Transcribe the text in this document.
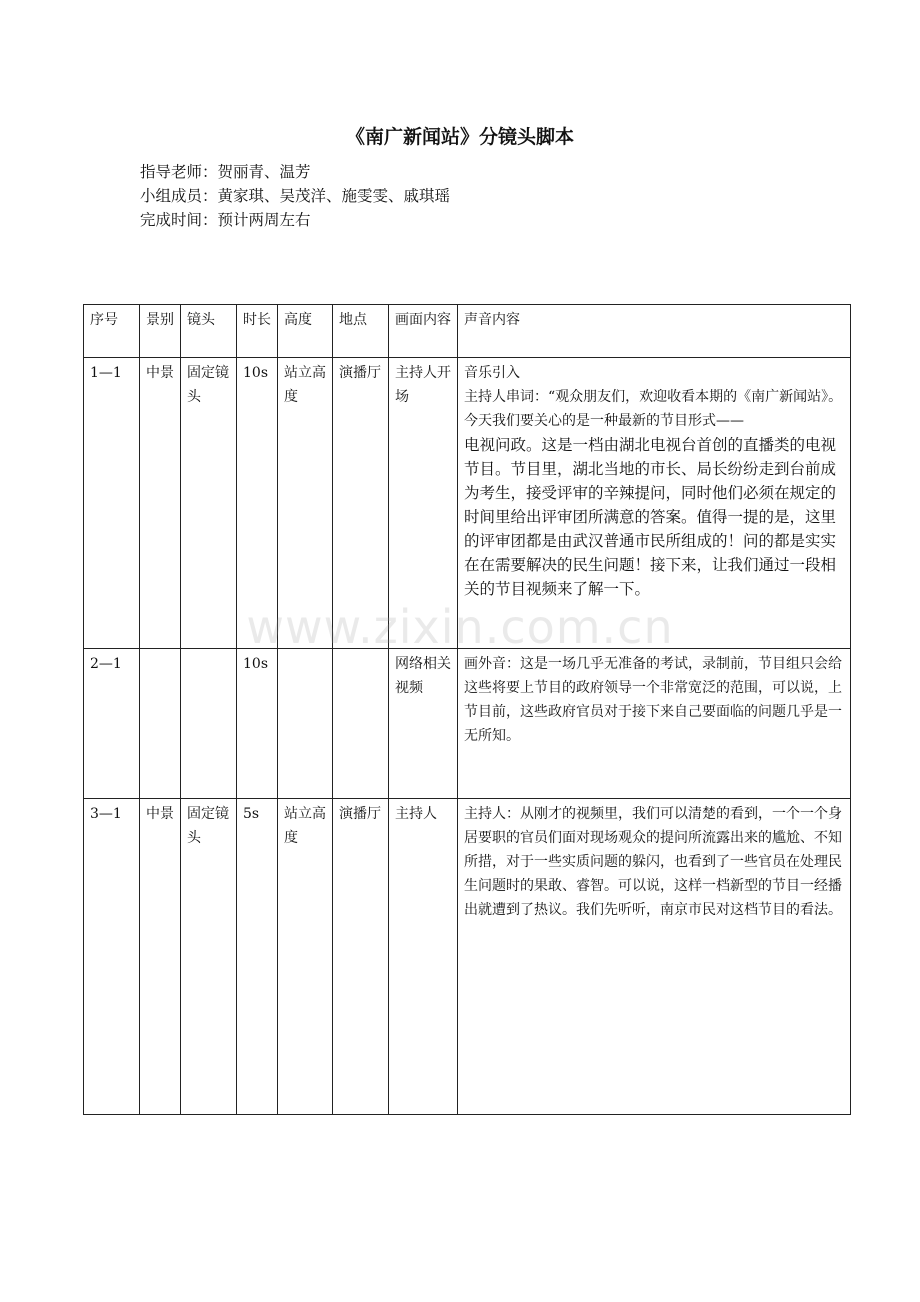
《南广新闻站》分镜头脚本
指导老师：贺丽青、温芳
小组成员：黄家琪、吴茂洋、施雯雯、戚琪瑶
完成时间：预计两周左右
序号	景别	镜头	时长	高度	地点	画面内容	声音内容
1—1	中景	固定镜头	10s	站立高度	演播厅	主持人开场	音乐引入
主持人串词：“观众朋友们，欢迎收看本期的《南广新闻站》。今天我们要关心的是一种最新的节目形式——
电视问政。这是一档由湖北电视台首创的直播类的电视节目。节目里，湖北当地的市长、局长纷纷走到台前成为考生，接受评审的辛辣提问，同时他们必须在规定的时间里给出评审团所满意的答案。值得一提的是，这里的评审团都是由武汉普通市民所组成的！问的都是实实在在需要解决的民生问题！接下来，让我们通过一段相关的节目视频来了解一下。

2—1			10s			网络相关视频	画外音：这是一场几乎无准备的考试，录制前，节目组只会给这些将要上节目的政府领导一个非常宽泛的范围，可以说，上节目前，这些政府官员对于接下来自己要面临的问题几乎是一无所知。
3—1	中景	固定镜头	5s	站立高度	演播厅	主持人	主持人：从刚才的视频里，我们可以清楚的看到，一个一个身居要职的官员们面对现场观众的提问所流露出来的尴尬、不知所措，对于一些实质问题的躲闪，也看到了一些官员在处理民生问题时的果敢、睿智。可以说，这样一档新型的节目一经播出就遭到了热议。我们先听听，南京市民对这档节目的看法。
www.zixin.com.cn
